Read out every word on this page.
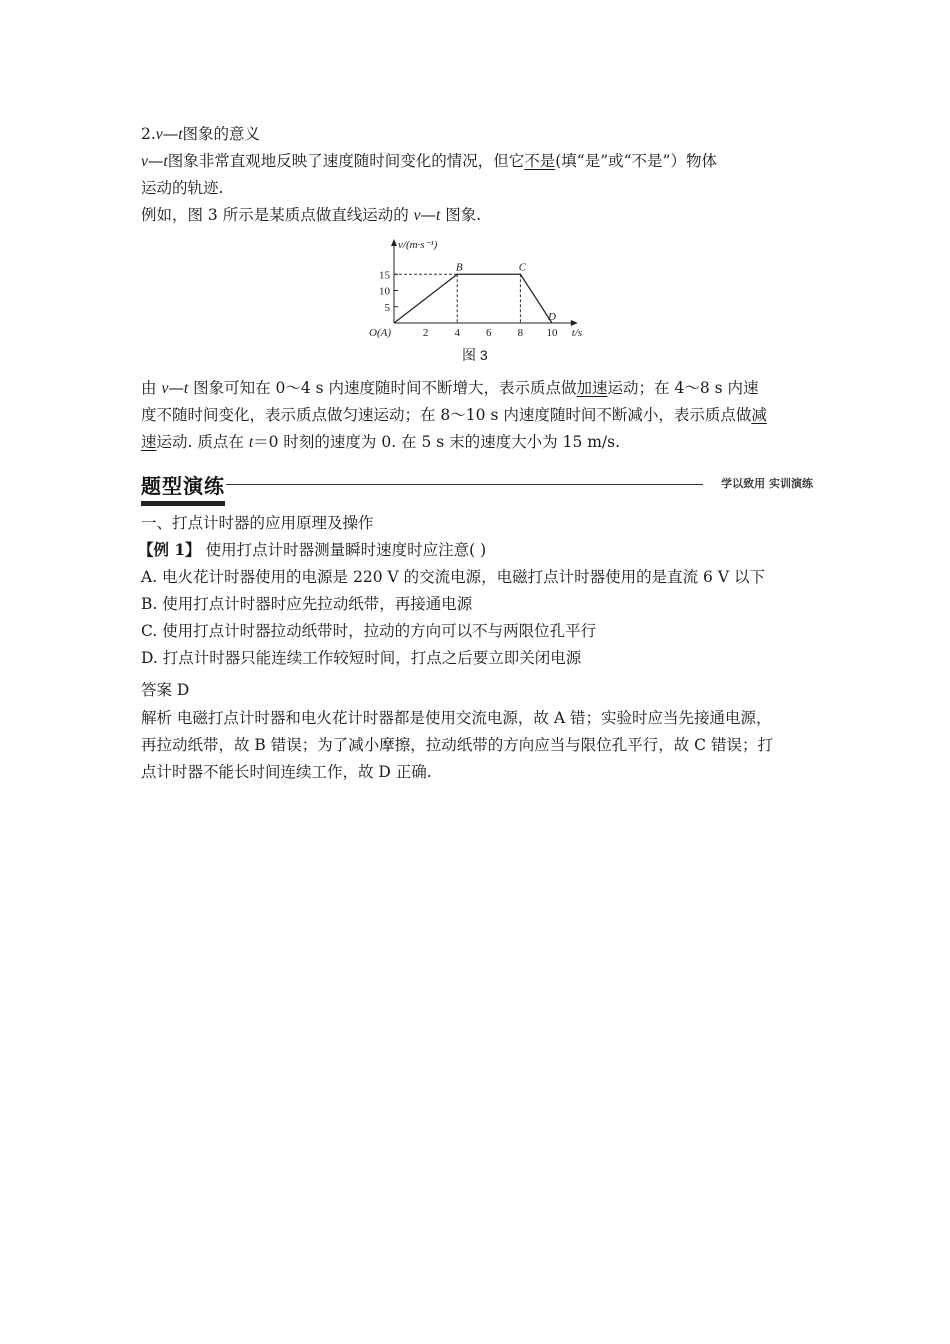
2.v—t图象的意义
v—t图象非常直观地反映了速度随时间变化的情况，但它不是(填“是”或“不是”）物体
运动的轨迹.
例如，图 3 所示是某质点做直线运动的 v—t 图象.
5
10
15
2 4 6 8 10
O(A)
B	C
D
t/s
v/(m·s⁻¹)
图 3
由 v—t 图象可知在 0～4 s 内速度随时间不断增大，表示质点做加速运动；在 4～8 s 内速
度不随时间变化，表示质点做匀速运动；在 8～10 s 内速度随时间不断减小，表示质点做减
速运动. 质点在 t＝0 时刻的速度为 0. 在 5 s 末的速度大小为 15 m/s.
题型演练	学以致用 实训演练
一、打点计时器的应用原理及操作
【例 1】 使用打点计时器测量瞬时速度时应注意( )
A. 电火花计时器使用的电源是 220 V 的交流电源，电磁打点计时器使用的是直流 6 V 以下
B. 使用打点计时器时应先拉动纸带，再接通电源
C. 使用打点计时器拉动纸带时，拉动的方向可以不与两限位孔平行
D. 打点计时器只能连续工作较短时间，打点之后要立即关闭电源
答案 D
解析 电磁打点计时器和电火花计时器都是使用交流电源，故 A 错；实验时应当先接通电源，
再拉动纸带，故 B 错误；为了减小摩擦，拉动纸带的方向应当与限位孔平行，故 C 错误；打
点计时器不能长时间连续工作，故 D 正确.
